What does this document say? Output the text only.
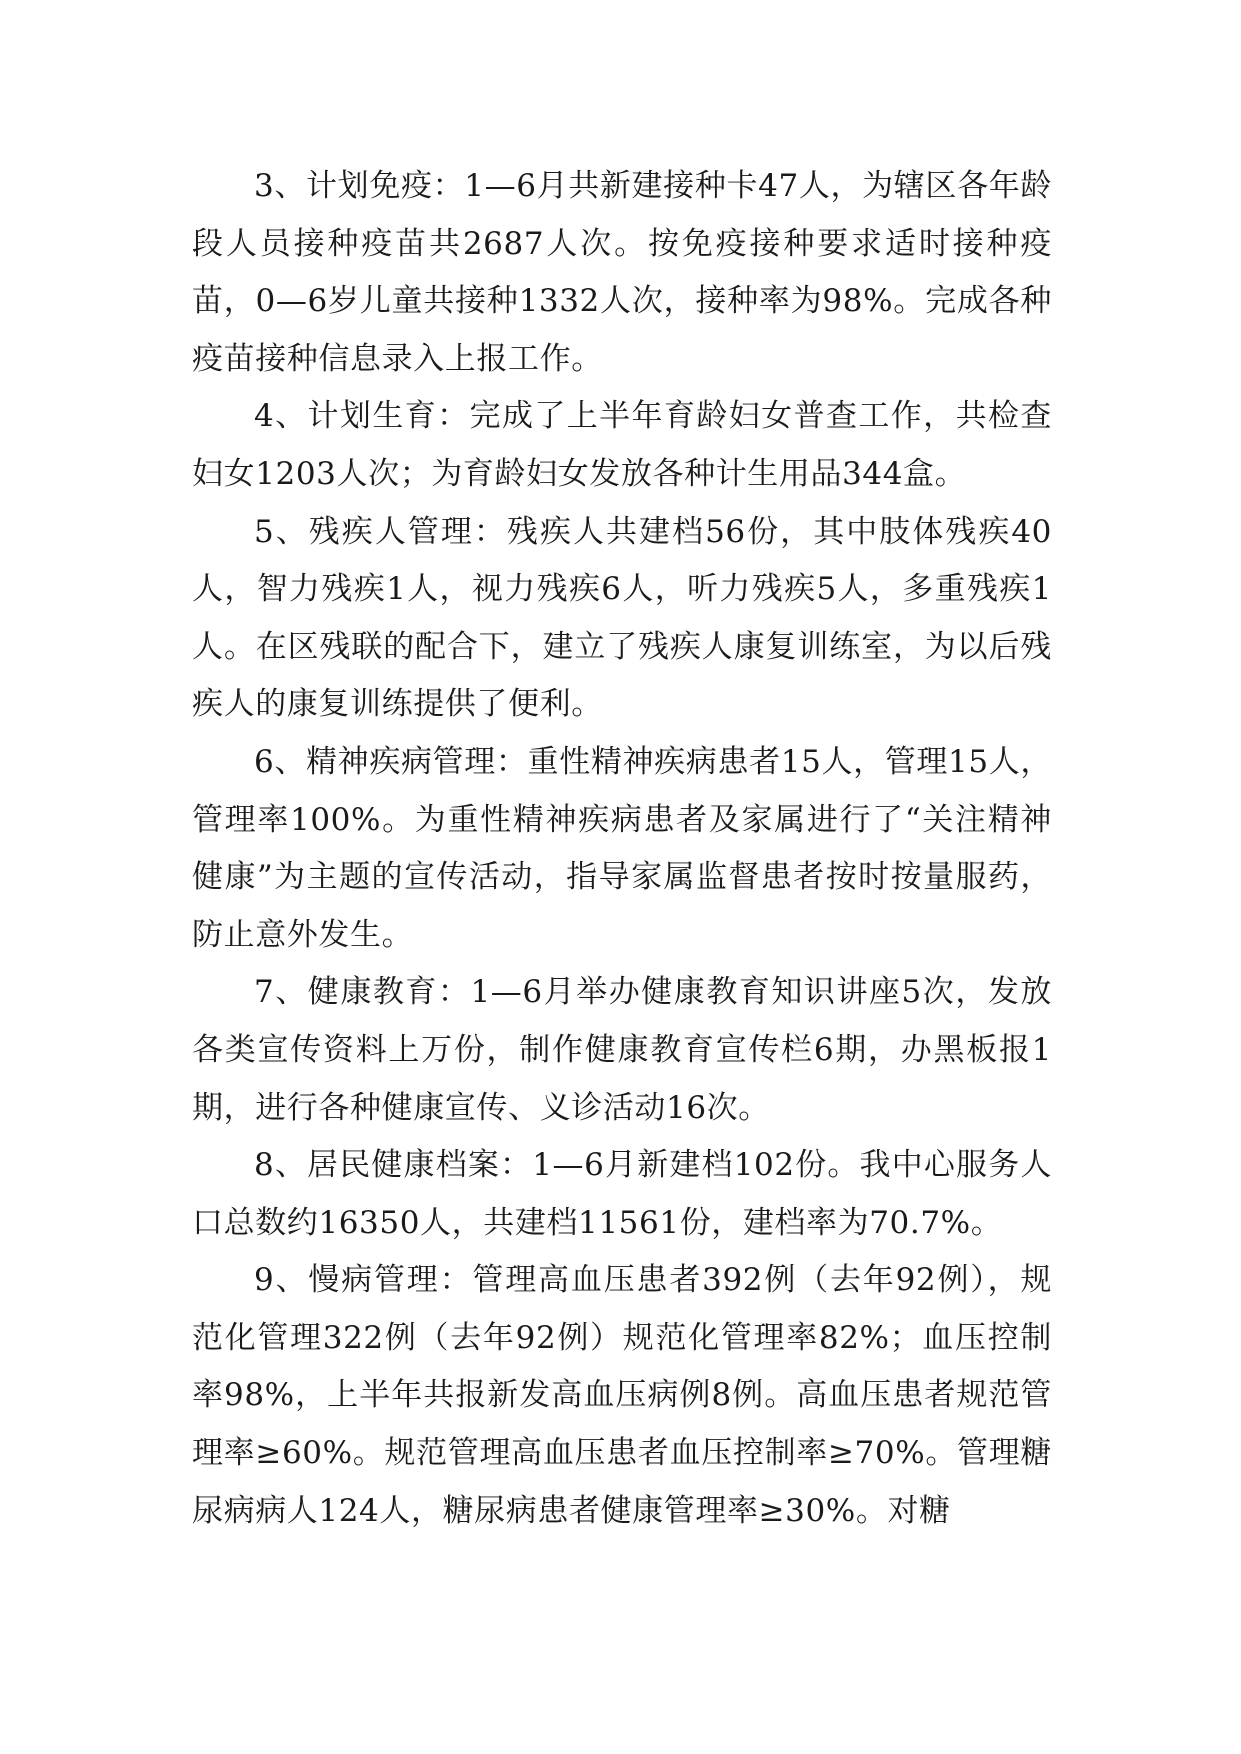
3、计划免疫：1—6月共新建接种卡47人，为辖区各年龄段人员接种疫苗共2687人次。按免疫接种要求适时接种疫苗，0—6岁儿童共接种1332人次，接种率为98%。完成各种疫苗接种信息录入上报工作。

4、计划生育：完成了上半年育龄妇女普查工作，共检查妇女1203人次；为育龄妇女发放各种计生用品344盒。

5、残疾人管理：残疾人共建档56份，其中肢体残疾40人，智力残疾1人，视力残疾6人，听力残疾5人，多重残疾1人。在区残联的配合下，建立了残疾人康复训练室，为以后残疾人的康复训练提供了便利。

6、精神疾病管理：重性精神疾病患者15人，管理15人，管理率100%。为重性精神疾病患者及家属进行了“关注精神健康”为主题的宣传活动，指导家属监督患者按时按量服药，防止意外发生。

7、健康教育：1—6月举办健康教育知识讲座5次，发放各类宣传资料上万份，制作健康教育宣传栏6期，办黑板报1期，进行各种健康宣传、义诊活动16次。

8、居民健康档案：1—6月新建档102份。我中心服务人口总数约16350人，共建档11561份，建档率为70.7%。

9、慢病管理：管理高血压患者392例（去年92例），规范化管理322例（去年92例）规范化管理率82%；血压控制率98%，上半年共报新发高血压病例8例。高血压患者规范管理率≥60%。规范管理高血压患者血压控制率≥70%。管理糖尿病病人124人，糖尿病患者健康管理率≥30%。对糖
